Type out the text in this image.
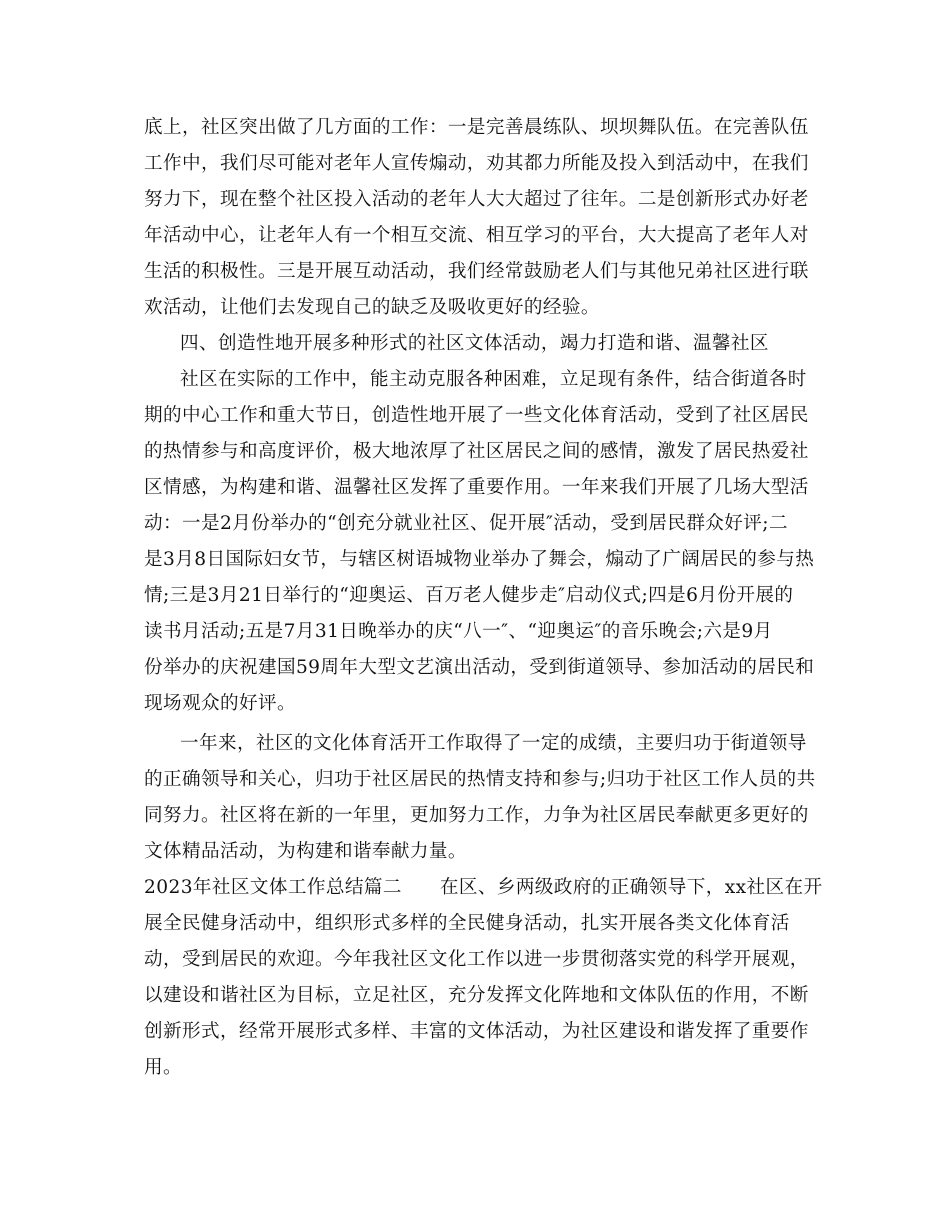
底上，社区突出做了几方面的工作：一是完善晨练队、坝坝舞队伍。在完善队伍
工作中，我们尽可能对老年人宣传煽动，劝其都力所能及投入到活动中，在我们
努力下，现在整个社区投入活动的老年人大大超过了往年。二是创新形式办好老
年活动中心，让老年人有一个相互交流、相互学习的平台，大大提高了老年人对
生活的积极性。三是开展互动活动，我们经常鼓励老人们与其他兄弟社区进行联
欢活动，让他们去发现自己的缺乏及吸收更好的经验。
四、创造性地开展多种形式的社区文体活动，竭力打造和谐、温馨社区
社区在实际的工作中，能主动克服各种困难，立足现有条件，结合街道各时
期的中心工作和重大节日，创造性地开展了一些文化体育活动，受到了社区居民
的热情参与和高度评价，极大地浓厚了社区居民之间的感情，激发了居民热爱社
区情感，为构建和谐、温馨社区发挥了重要作用。一年来我们开展了几场大型活
动：一是2月份举办的“创充分就业社区、促开展″活动，受到居民群众好评;二
是3月8日国际妇女节，与辖区树语城物业举办了舞会，煽动了广阔居民的参与热
情;三是3月21日举行的“迎奥运、百万老人健步走″启动仪式;四是6月份开展的
读书月活动;五是7月31日晚举办的庆“八一″、“迎奥运″的音乐晚会;六是9月
份举办的庆祝建国59周年大型文艺演出活动，受到街道领导、参加活动的居民和
现场观众的好评。
一年来，社区的文化体育活开工作取得了一定的成绩，主要归功于街道领导
的正确领导和关心，归功于社区居民的热情支持和参与;归功于社区工作人员的共
同努力。社区将在新的一年里，更加努力工作，力争为社区居民奉献更多更好的
文体精品活动，为构建和谐奉献力量。
2023年社区文体工作总结篇二　　在区、乡两级政府的正确领导下，xx社区在开
展全民健身活动中，组织形式多样的全民健身活动，扎实开展各类文化体育活
动，受到居民的欢迎。今年我社区文化工作以进一步贯彻落实党的科学开展观，
以建设和谐社区为目标，立足社区，充分发挥文化阵地和文体队伍的作用，不断
创新形式，经常开展形式多样、丰富的文体活动，为社区建设和谐发挥了重要作
用。
